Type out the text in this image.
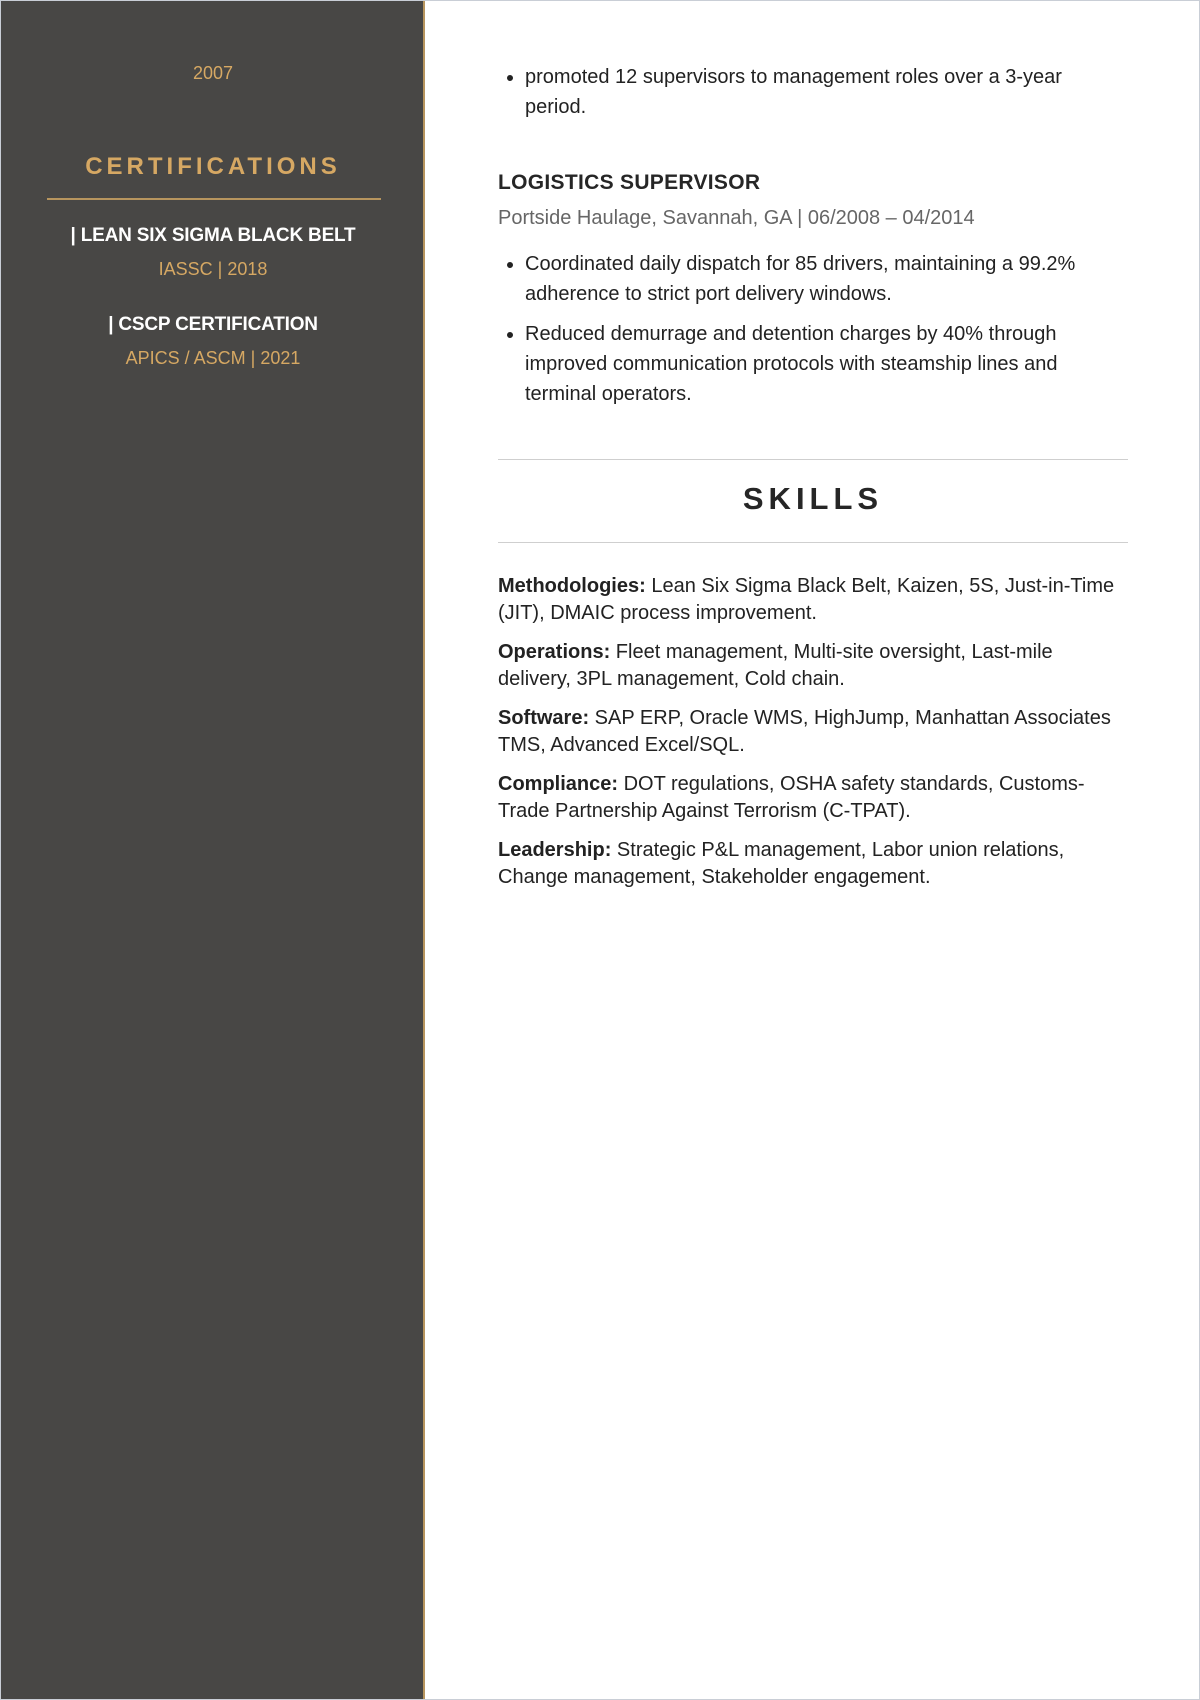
2007
CERTIFICATIONS
| LEAN SIX SIGMA BLACK BELT
IASSC | 2018
| CSCP CERTIFICATION
APICS / ASCM | 2021
• promoted 12 supervisors to management roles over a 3-year period.
LOGISTICS SUPERVISOR
Portside Haulage, Savannah, GA | 06/2008 – 04/2014
• Coordinated daily dispatch for 85 drivers, maintaining a 99.2% adherence to strict port delivery windows.
• Reduced demurrage and detention charges by 40% through improved communication protocols with steamship lines and terminal operators.
SKILLS

Methodologies: Lean Six Sigma Black Belt, Kaizen, 5S, Just-in-Time (JIT), DMAIC process improvement.

Operations: Fleet management, Multi-site oversight, Last-mile delivery, 3PL management, Cold chain.

Software: SAP ERP, Oracle WMS, HighJump, Manhattan Associates TMS, Advanced Excel/SQL.

Compliance: DOT regulations, OSHA safety standards, Customs-Trade Partnership Against Terrorism (C-TPAT).

Leadership: Strategic P&L management, Labor union relations, Change management, Stakeholder engagement.
